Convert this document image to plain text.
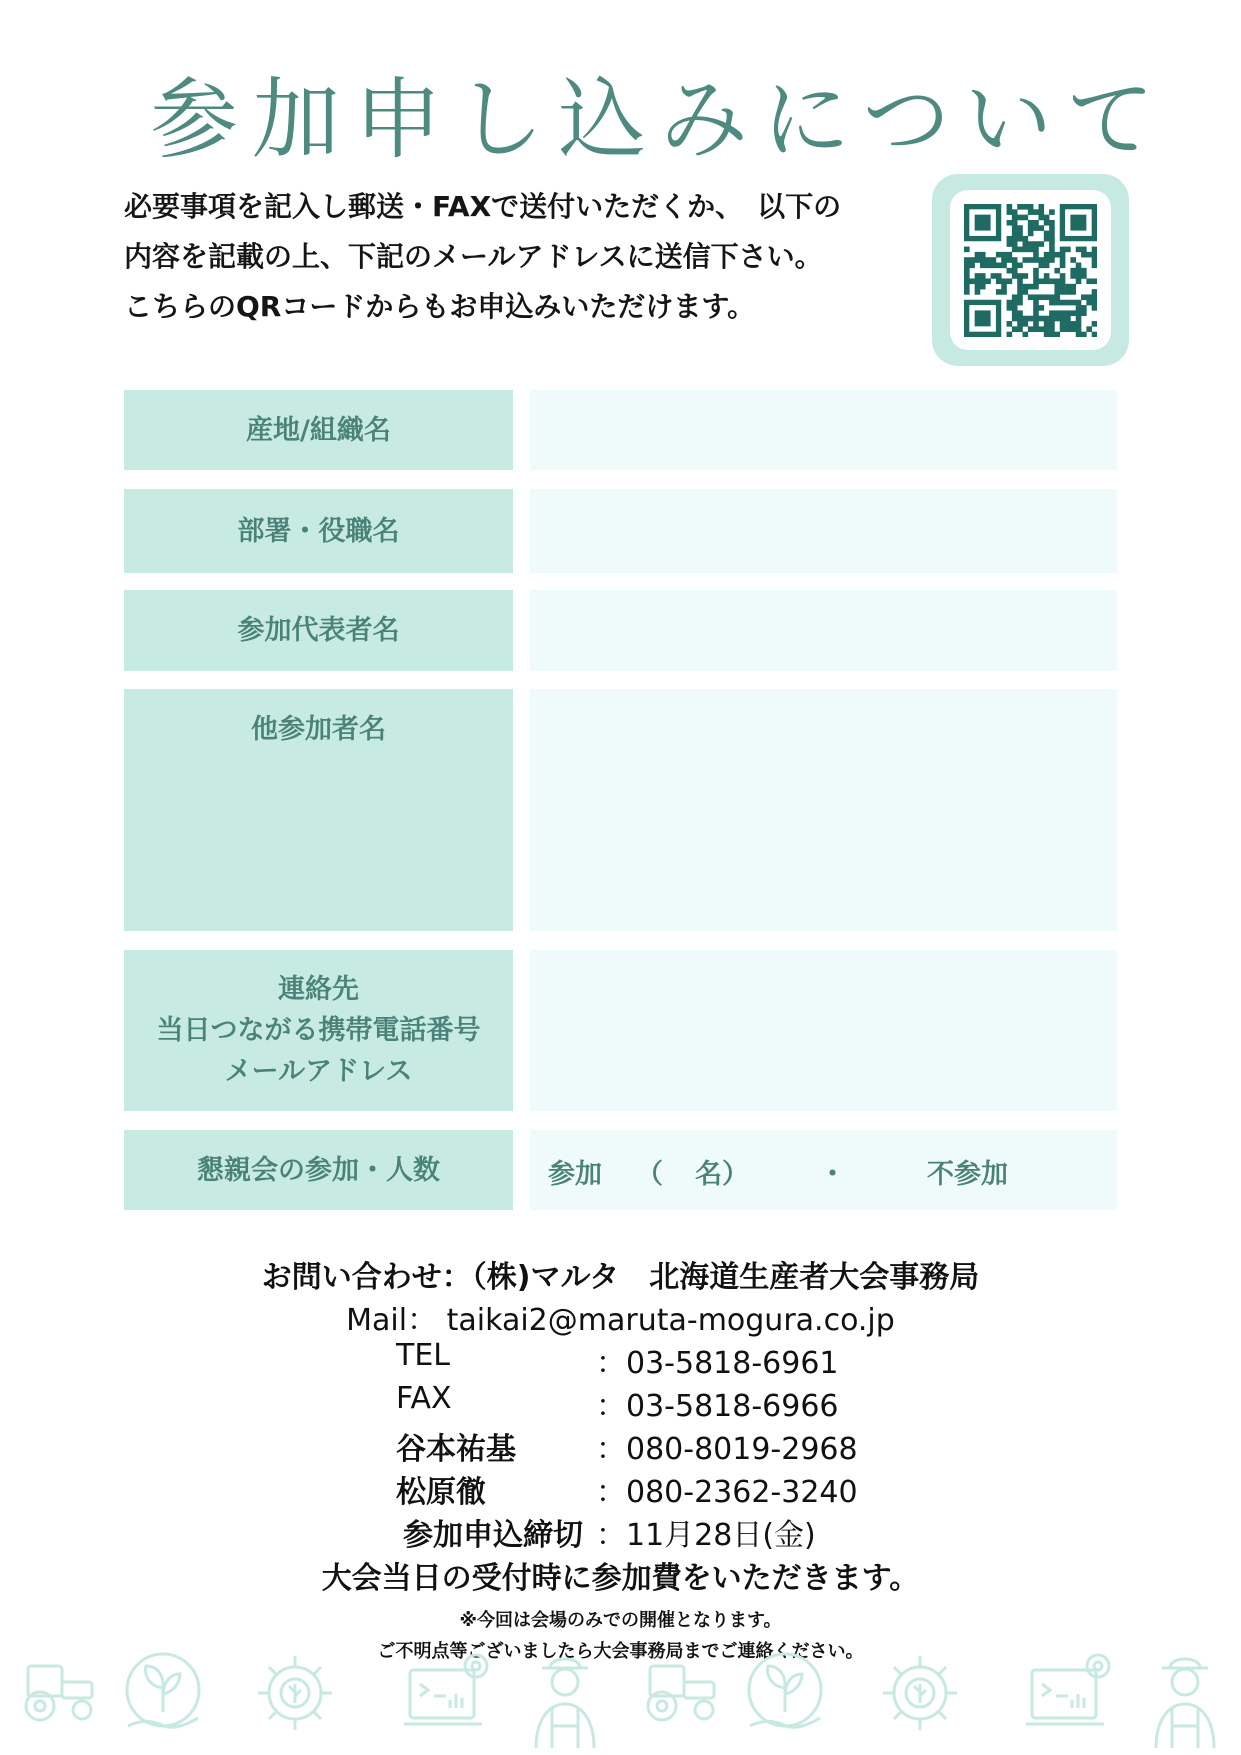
参加申し込みについて
必要事項を記入し郵送・FAXで送付いただくか、　以下の
内容を記載の上、下記のメールアドレスに送信下さい。
こちらのQRコードからもお申込みいただけます。
産地/組織名
部署・役職名
参加代表者名
他参加者名
連絡先
当日つながる携帯電話番号
メールアドレス
懇親会の参加・人数	参加 （ 名）	・	不参加
お問い合わせ：（株)マルタ　北海道生産者大会事務局
Mail： taikai2@maruta-mogura.co.jp
TEL	：03-5818-6961
FAX	：03-5818-6966
谷本祐基	：080-8019-2968
松原徹	：080-2362-3240
参加申込締切 ：11月28日(金)
大会当日の受付時に参加費をいただきます。
※今回は会場のみでの開催となります。
ご不明点等ございましたら大会事務局までご連絡ください。
